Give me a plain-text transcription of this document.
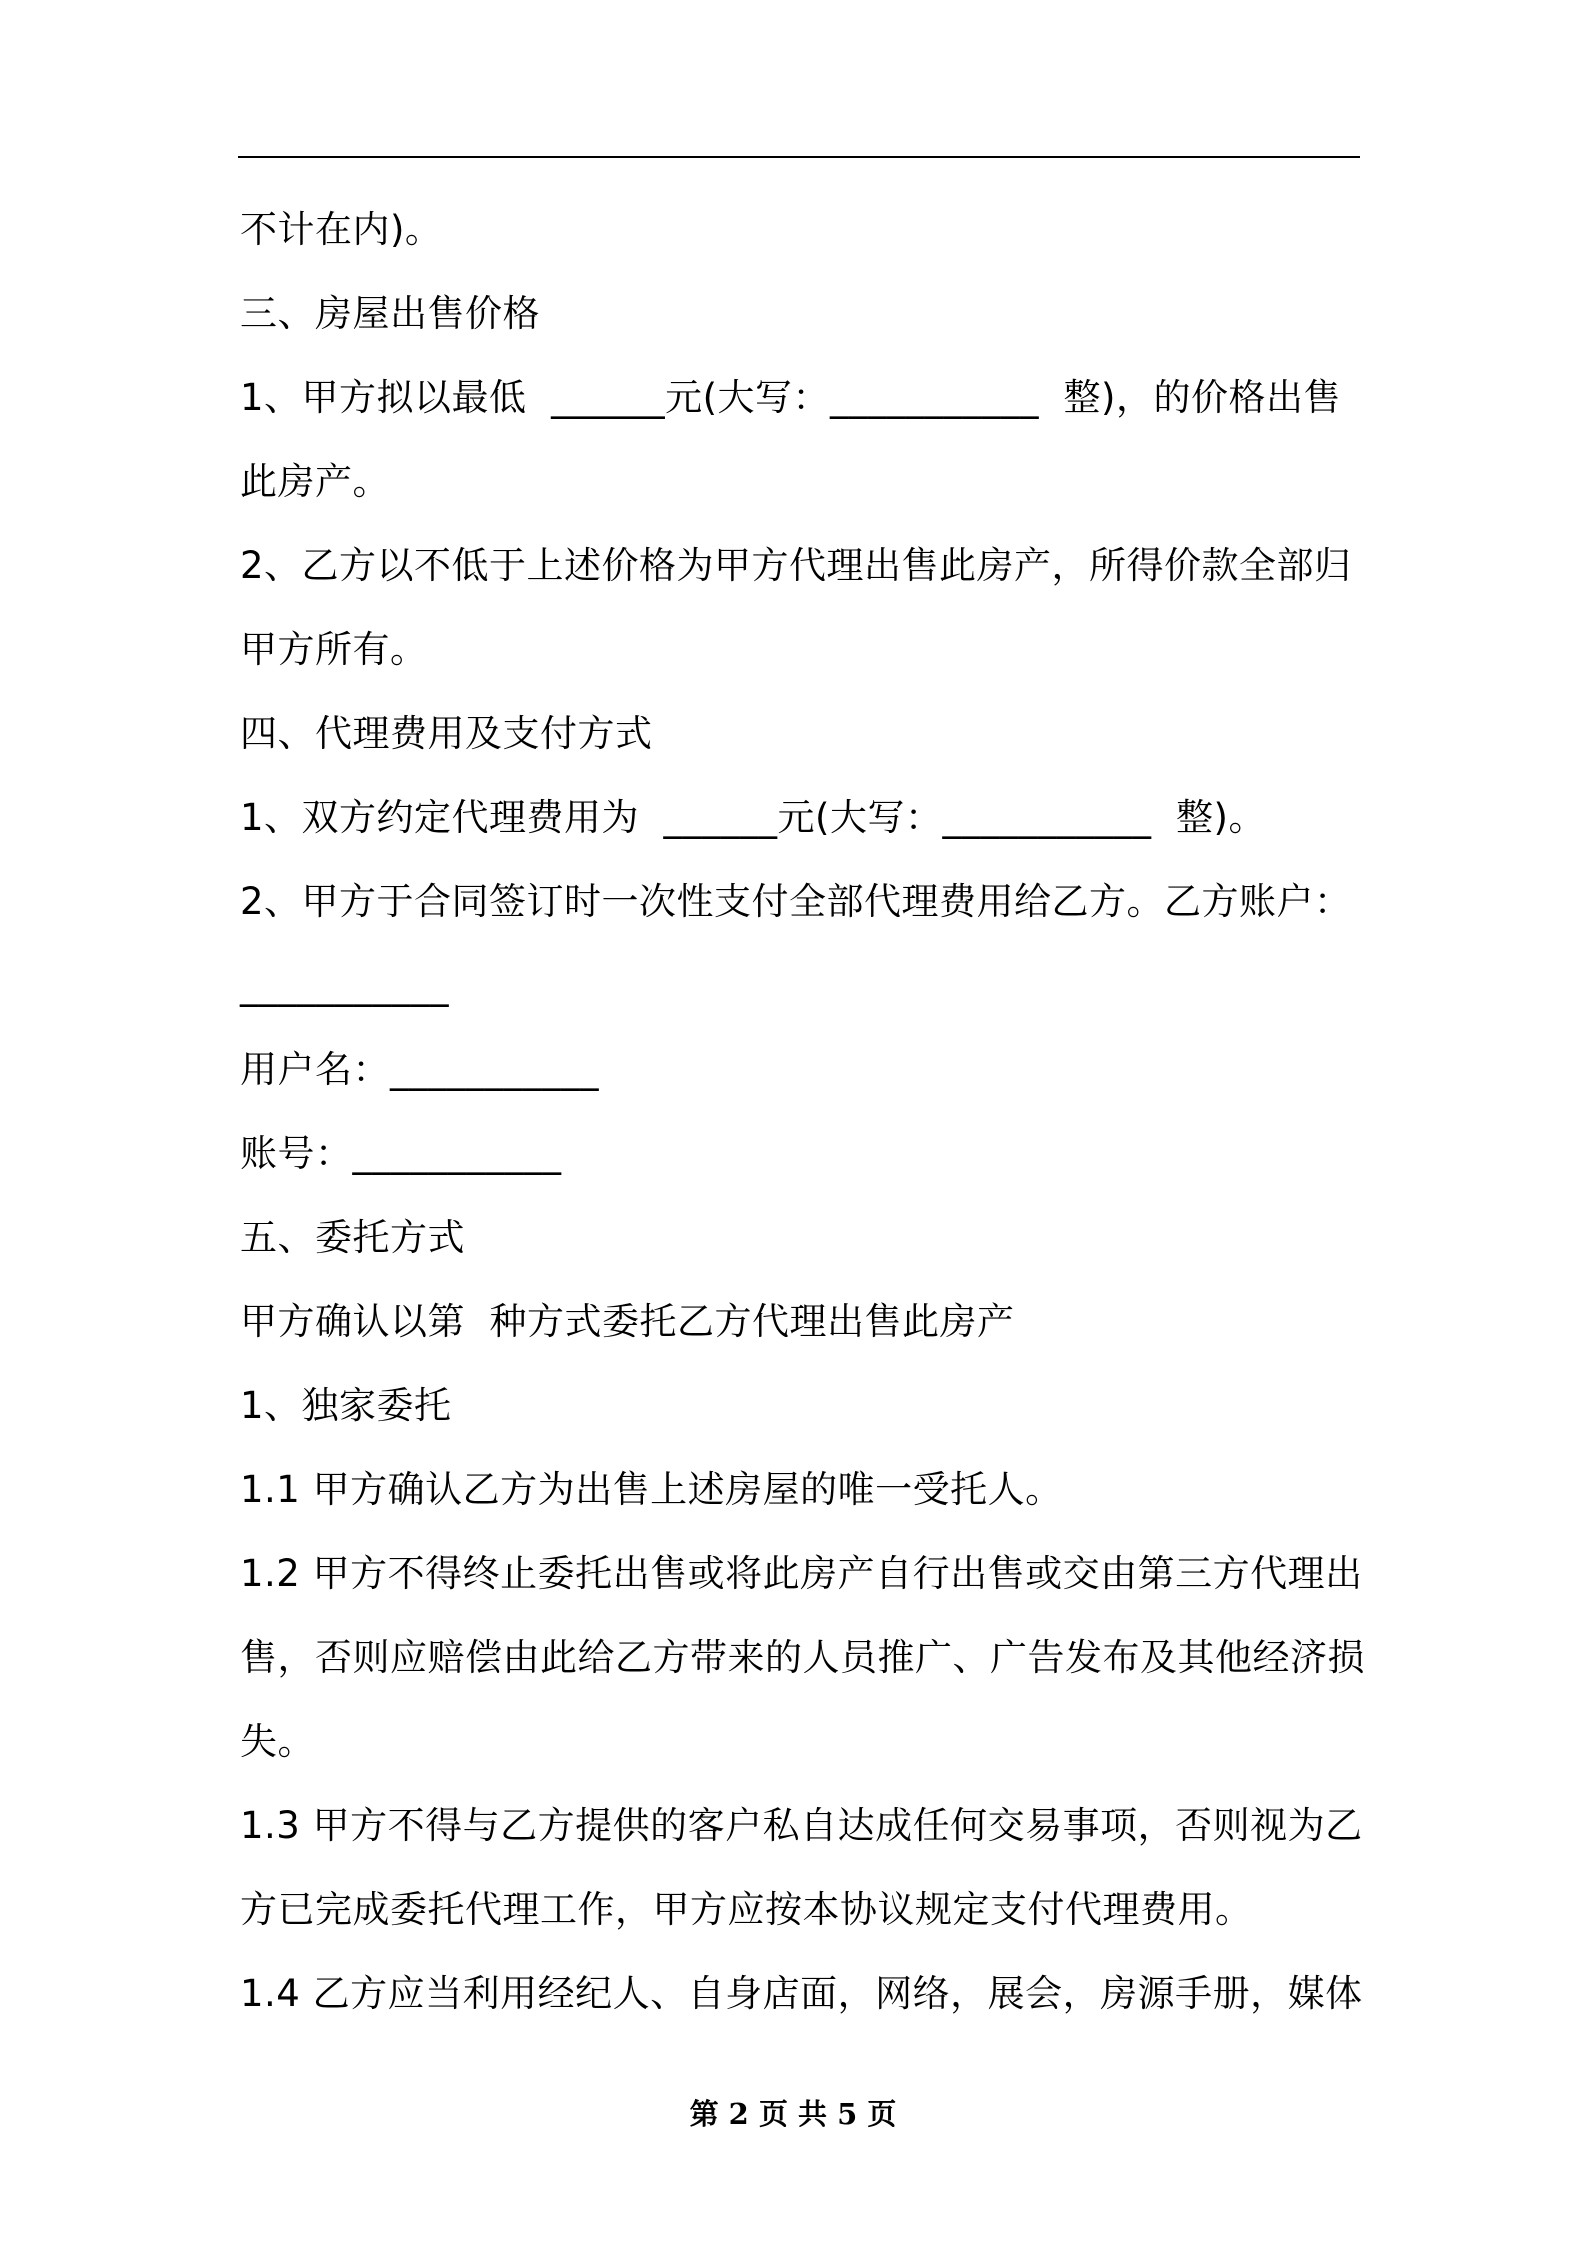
不计在内)。
三、房屋出售价格
1、甲方拟以最低  ______元(大写：___________  整)，的价格出售
此房产。
2、乙方以不低于上述价格为甲方代理出售此房产，所得价款全部归
甲方所有。
四、代理费用及支付方式
1、双方约定代理费用为  ______元(大写：___________  整)。
2、甲方于合同签订时一次性支付全部代理费用给乙方。乙方账户：
___________
用户名：___________
账号：___________
五、委托方式
甲方确认以第  种方式委托乙方代理出售此房产
1、独家委托
1.1 甲方确认乙方为出售上述房屋的唯一受托人。
1.2 甲方不得终止委托出售或将此房产自行出售或交由第三方代理出
售，否则应赔偿由此给乙方带来的人员推广、广告发布及其他经济损
失。
1.3 甲方不得与乙方提供的客户私自达成任何交易事项，否则视为乙
方已完成委托代理工作，甲方应按本协议规定支付代理费用。
1.4 乙方应当利用经纪人、自身店面，网络，展会，房源手册，媒体
第 2 页 共 5 页
